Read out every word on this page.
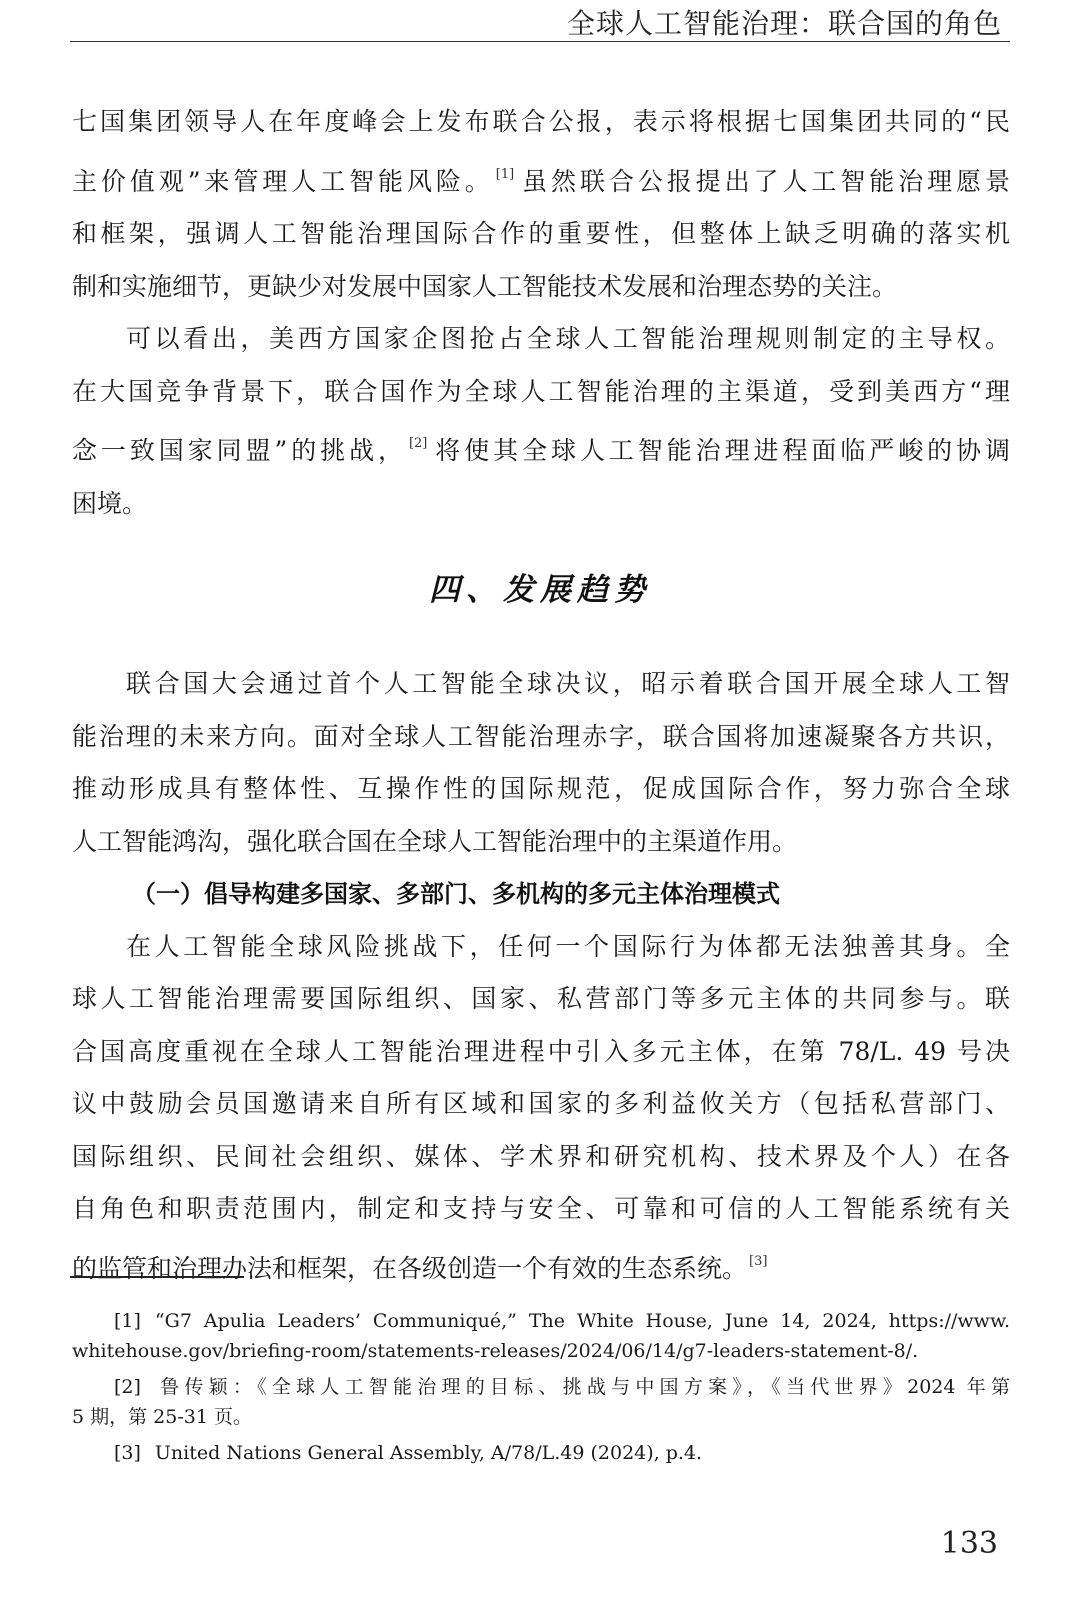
全球人工智能治理：联合国的角色
七国集团领导人在年度峰会上发布联合公报，表示将根据七国集团共同的“民
主价值观”来管理人工智能风险。 [1] 虽然联合公报提出了人工智能治理愿景
和框架，强调人工智能治理国际合作的重要性，但整体上缺乏明确的落实机
制和实施细节，更缺少对发展中国家人工智能技术发展和治理态势的关注。
可以看出，美西方国家企图抢占全球人工智能治理规则制定的主导权。
在大国竞争背景下，联合国作为全球人工智能治理的主渠道，受到美西方“理
念一致国家同盟”的挑战， [2] 将使其全球人工智能治理进程面临严峻的协调
困境。
四、发展趋势
联合国大会通过首个人工智能全球决议，昭示着联合国开展全球人工智
能治理的未来方向。面对全球人工智能治理赤字，联合国将加速凝聚各方共识，
推动形成具有整体性、互操作性的国际规范，促成国际合作，努力弥合全球
人工智能鸿沟，强化联合国在全球人工智能治理中的主渠道作用。
（一）倡导构建多国家、多部门、多机构的多元主体治理模式
在人工智能全球风险挑战下，任何一个国际行为体都无法独善其身。全
球人工智能治理需要国际组织、国家、私营部门等多元主体的共同参与。联
合国高度重视在全球人工智能治理进程中引入多元主体，在第 78/L. 49 号决
议中鼓励会员国邀请来自所有区域和国家的多利益攸关方（包括私营部门、
国际组织、民间社会组织、媒体、学术界和研究机构、技术界及个人）在各
自角色和职责范围内，制定和支持与安全、可靠和可信的人工智能系统有关
的监管和治理办法和框架，在各级创造一个有效的生态系统。 [3]
[1] “G7 Apulia Leaders’ Communiqué,” The White House, June 14, 2024, https://www.
whitehouse.gov/briefing-room/statements-releases/2024/06/14/g7-leaders-statement-8/.
[2] 鲁传颖：《全球人工智能治理的目标、挑战与中国方案》，《当代世界》2024 年第
5 期，第 25-31 页。
[3] United Nations General Assembly, A/78/L.49 (2024), p.4.
133
